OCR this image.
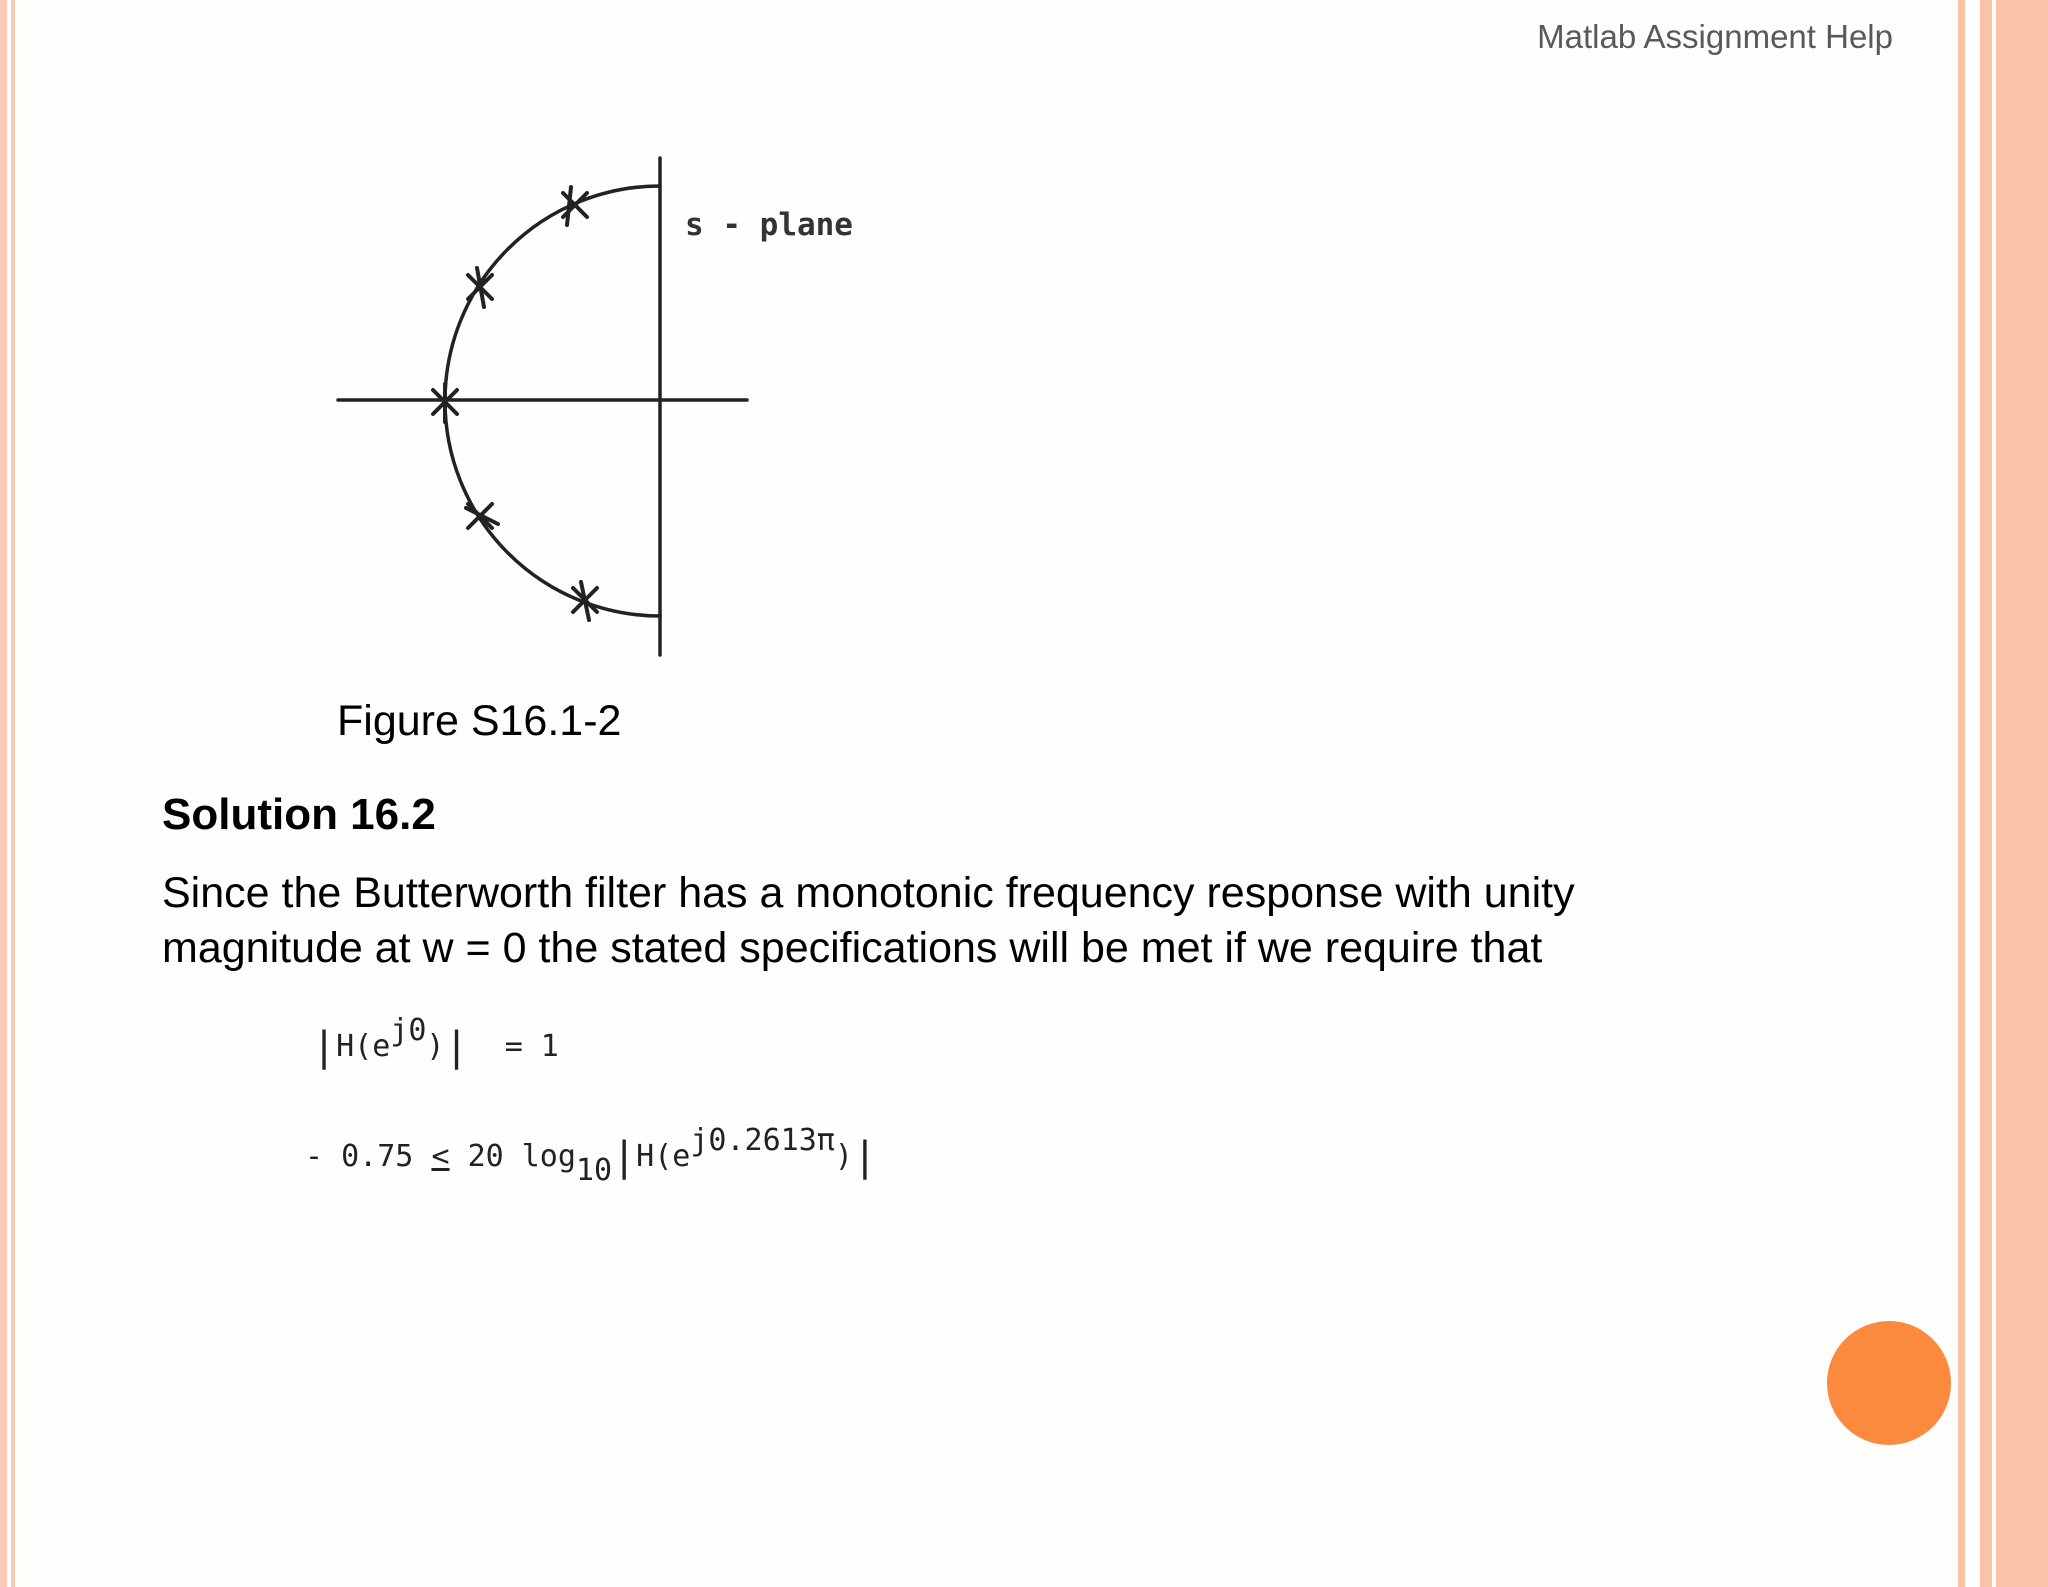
Matlab Assignment Help
s - plane
Figure S16.1-2
Solution 16.2
Since the Butterworth filter has a monotonic frequency response with unity magnitude at w = 0 the stated specifications will be met if we require that
|H(ej0)| = 1
- 0.75 ≤ 20 log10|H(ej0.2613π)|
